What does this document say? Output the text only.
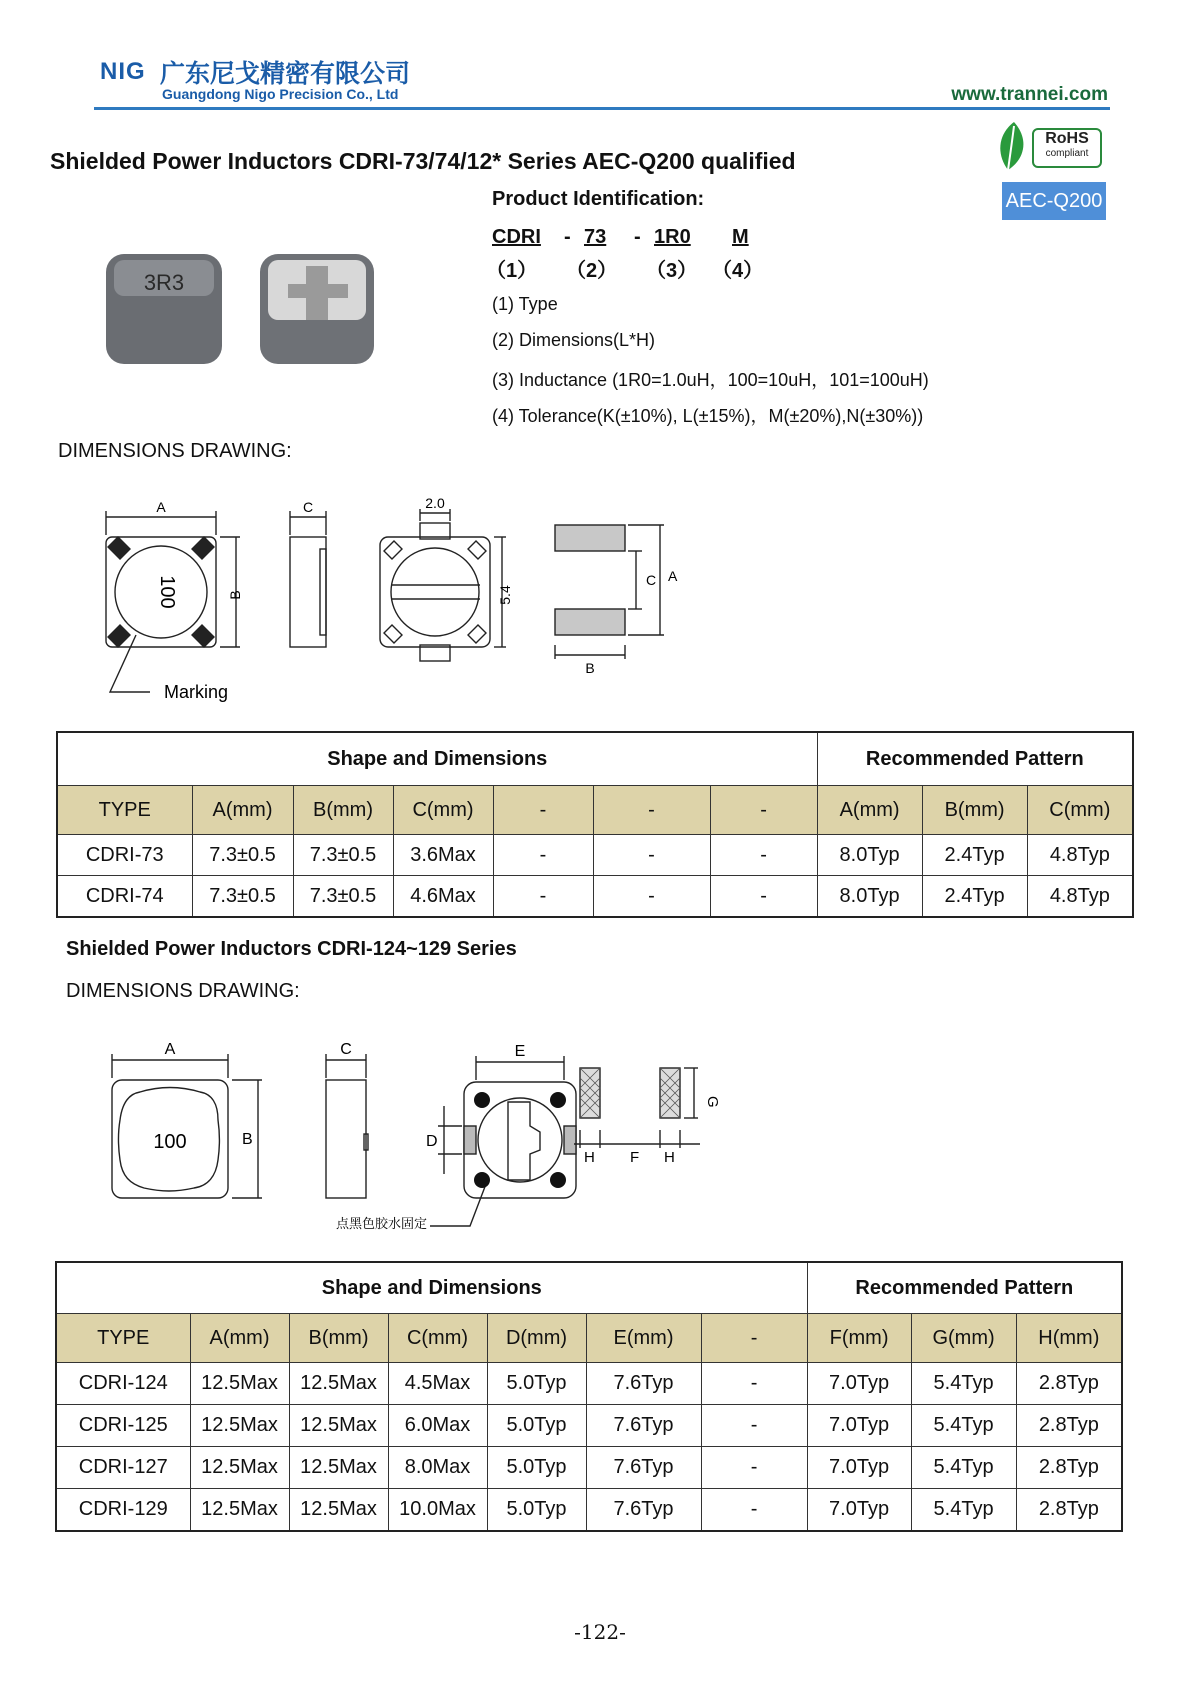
NIG 广东尼戈精密有限公司
Guangdong Nigo Precision Co., Ltd	www.trannei.com
RoHS
compliant
AEC-Q200
Shielded Power Inductors CDRI-73/74/12* Series AEC-Q200 qualified
Product Identification:
CDRI - 73 - 1R0 M
（1） （2） （3） （4）
(1) Type
(2) Dimensions(L*H)
(3) Inductance (1R0=1.0uH，100=10uH，101=100uH)
(4) Tolerance(K(±10%), L(±15%)，M(±20%),N(±30%))
3R3
DIMENSIONS DRAWING:
A
B
100
Marking
C	2.0
5.4
B
C A
Shape and Dimensions							Recommended Pattern		
TYPE	A(mm)	B(mm)	C(mm)	-	-	-	A(mm)	B(mm)	C(mm)
CDRI-73	7.3±0.5	7.3±0.5	3.6Max	-	-	-	8.0Typ	2.4Typ	4.8Typ
CDRI-74	7.3±0.5	7.3±0.5	4.6Max	-	-	-	8.0Typ	2.4Typ	4.8Typ
Shielded Power Inductors CDRI-124~129 Series
DIMENSIONS DRAWING:
A
B
100
C	E
D
点黑色胶水固定
H F H
G
Shape and Dimensions							Recommended Pattern		
TYPE	A(mm)	B(mm)	C(mm)	D(mm)	E(mm)	-	F(mm)	G(mm)	H(mm)
CDRI-124	12.5Max	12.5Max	4.5Max	5.0Typ	7.6Typ	-	7.0Typ	5.4Typ	2.8Typ
CDRI-125	12.5Max	12.5Max	6.0Max	5.0Typ	7.6Typ	-	7.0Typ	5.4Typ	2.8Typ
CDRI-127	12.5Max	12.5Max	8.0Max	5.0Typ	7.6Typ	-	7.0Typ	5.4Typ	2.8Typ
CDRI-129	12.5Max	12.5Max	10.0Max	5.0Typ	7.6Typ	-	7.0Typ	5.4Typ	2.8Typ
-122-
